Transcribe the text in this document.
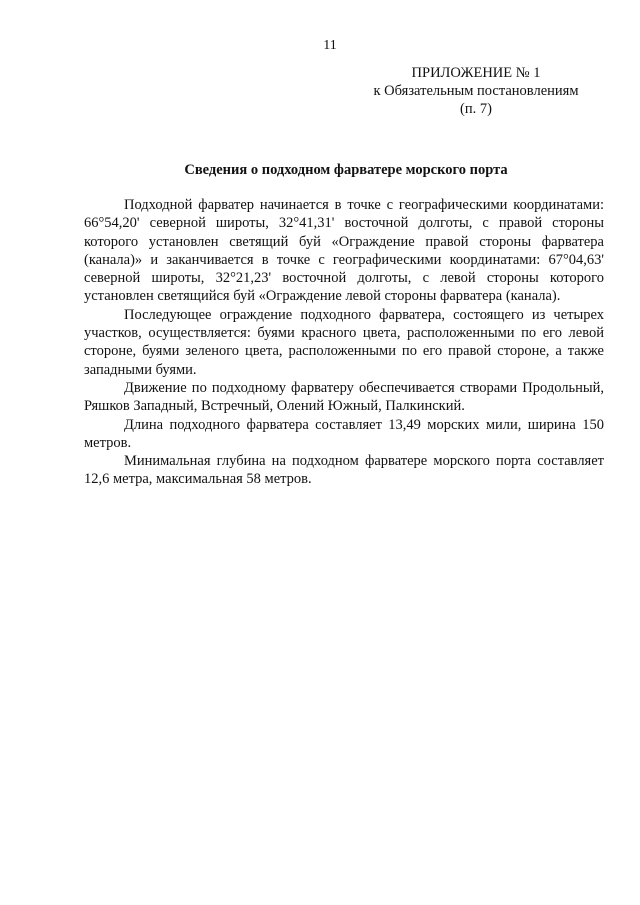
11
ПРИЛОЖЕНИЕ № 1
к Обязательным постановлениям
(п. 7)
Сведения о подходном фарватере морского порта

Подходной фарватер начинается в точке с географическими координатами: 66°54,20' северной широты, 32°41,31' восточной долготы, с правой стороны которого установлен светящий буй «Ограждение правой стороны фарватера (канала)» и заканчивается в точке с географическими координатами: 67°04,63' северной широты, 32°21,23' восточной долготы, с левой стороны которого установлен светящийся буй «Ограждение левой стороны фарватера (канала).

Последующее ограждение подходного фарватера, состоящего из четырех участков, осуществляется: буями красного цвета, расположенными по его левой стороне, буями зеленого цвета, расположенными по его правой стороне, а также западными буями.

Движение по подходному фарватеру обеспечивается створами Продольный, Ряшков Западный, Встречный, Олений Южный, Палкинский.

Длина подходного фарватера составляет 13,49 морских мили, ширина 150 метров.

Минимальная глубина на подходном фарватере морского порта составляет 12,6 метра, максимальная 58 метров.
